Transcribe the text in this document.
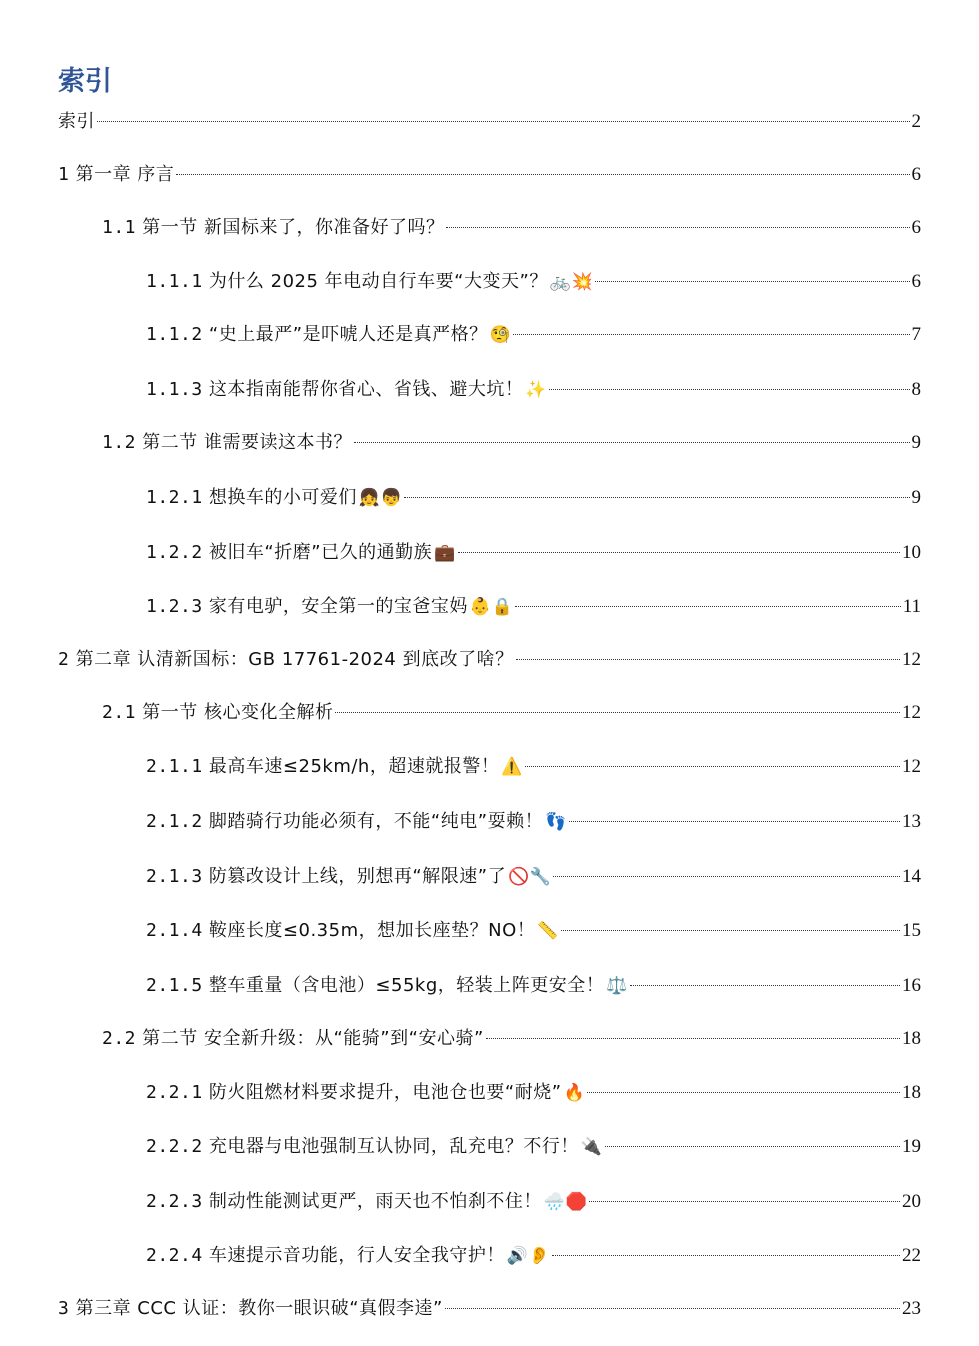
索引
索引	2
1 第一章 序言	6
1.1 第一节 新国标来了，你准备好了吗？	6
1.1.1 为什么 2025 年电动自行车要“大变天”？ 🚲💥	6
1.1.2 “史上最严”是吓唬人还是真严格？ 🧐	7
1.1.3 这本指南能帮你省心、省钱、避大坑！ ✨	8
1.2 第二节 谁需要读这本书？	9
1.2.1 想换车的小可爱们 👧👦	9
1.2.2 被旧车“折磨”已久的通勤族 💼	10
1.2.3 家有电驴，安全第一的宝爸宝妈 👶🔒	11
2 第二章 认清新国标：GB 17761-2024 到底改了啥？	12
2.1 第一节 核心变化全解析	12
2.1.1 最高车速≤25km/h，超速就报警！ ⚠️	12
2.1.2 脚踏骑行功能必须有，不能“纯电”耍赖！ 👣	13
2.1.3 防篡改设计上线，别想再“解限速”了 🚫🔧	14
2.1.4 鞍座长度≤0.35m，想加长座垫？NO！ 📏	15
2.1.5 整车重量（含电池）≤55kg，轻装上阵更安全！ ⚖️	16
2.2 第二节 安全新升级：从“能骑”到“安心骑”	18
2.2.1 防火阻燃材料要求提升，电池仓也要“耐烧” 🔥	18
2.2.2 充电器与电池强制互认协同，乱充电？不行！ 🔌	19
2.2.3 制动性能测试更严，雨天也不怕刹不住！ 🌧️🛑	20
2.2.4 车速提示音功能，行人安全我守护！ 🔊👂	22
3 第三章 CCC 认证：教你一眼识破“真假李逵”	23
